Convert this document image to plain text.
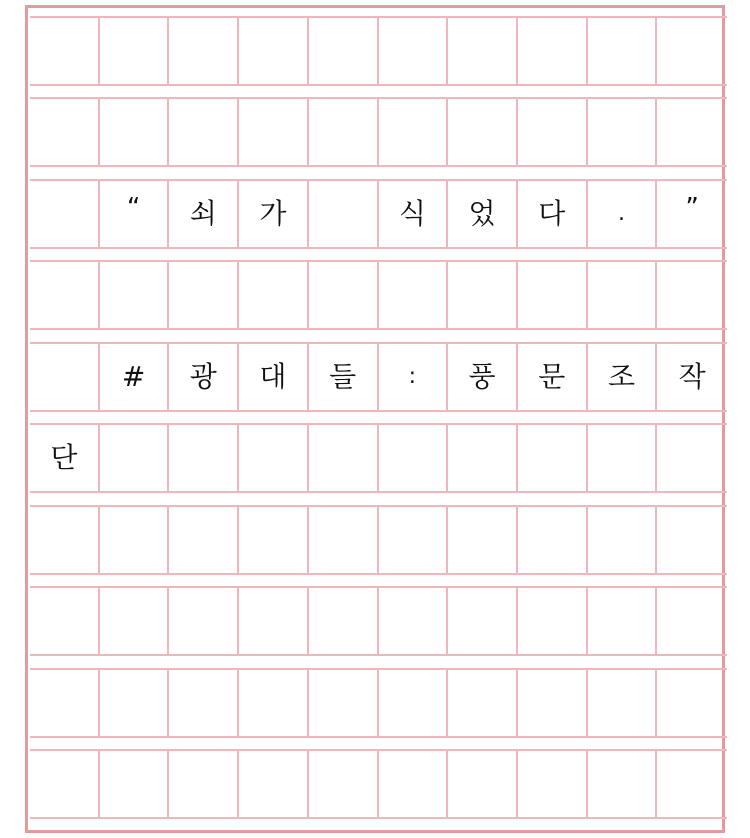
“	쇠	가	식	었	다	.	”
#	광	대	들	:	풍	문	조	작
단
